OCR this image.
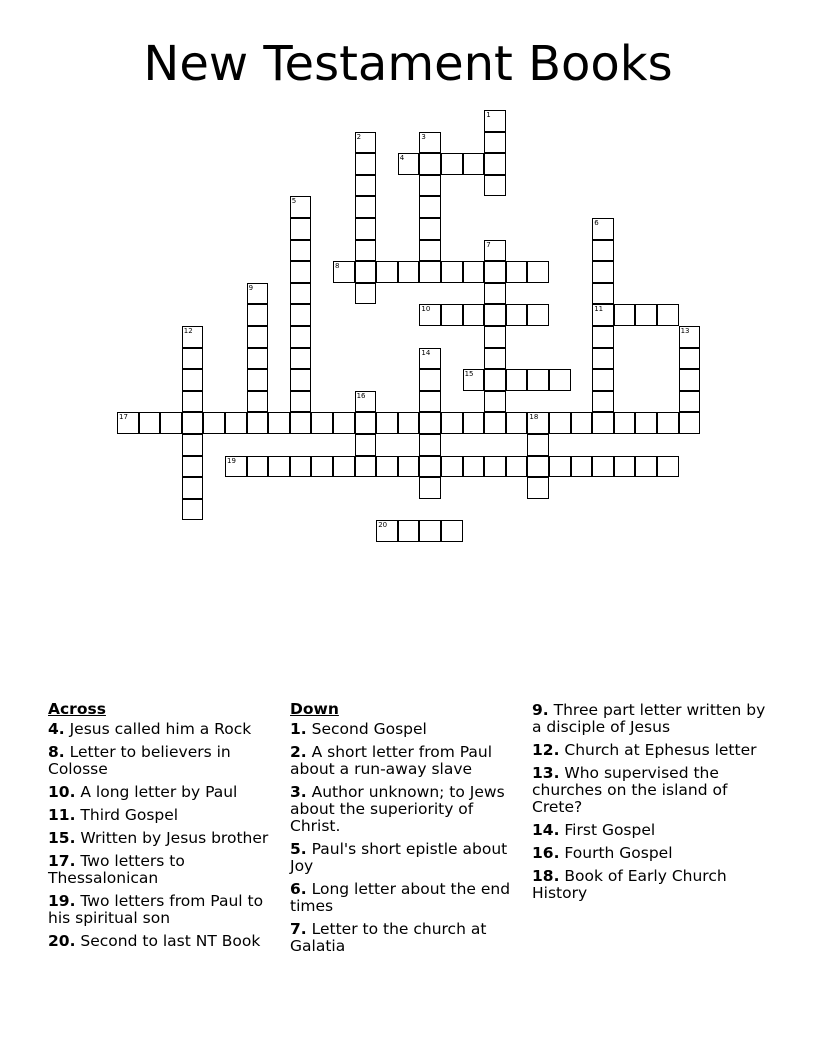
New Testament Books
1
2	3
4
5
6
11
7
8
9
10
12	13
14
15
16
17	18
19
20
Across
4. Jesus called him a Rock
8. Letter to believers in Colosse
10. A long letter by Paul
11. Third Gospel
15. Written by Jesus brother
17. Two letters to Thessalonican
19. Two letters from Paul to his spiritual son
20. Second to last NT Book
Down
1. Second Gospel
2. A short letter from Paul about a run-away slave
3. Author unknown; to Jews about the superiority of Christ.
5. Paul's short epistle about Joy
6. Long letter about the end times
7. Letter to the church at Galatia
9. Three part letter written by a disciple of Jesus
12. Church at Ephesus letter
13. Who supervised the churches on the island of Crete?
14. First Gospel
16. Fourth Gospel
18. Book of Early Church History
